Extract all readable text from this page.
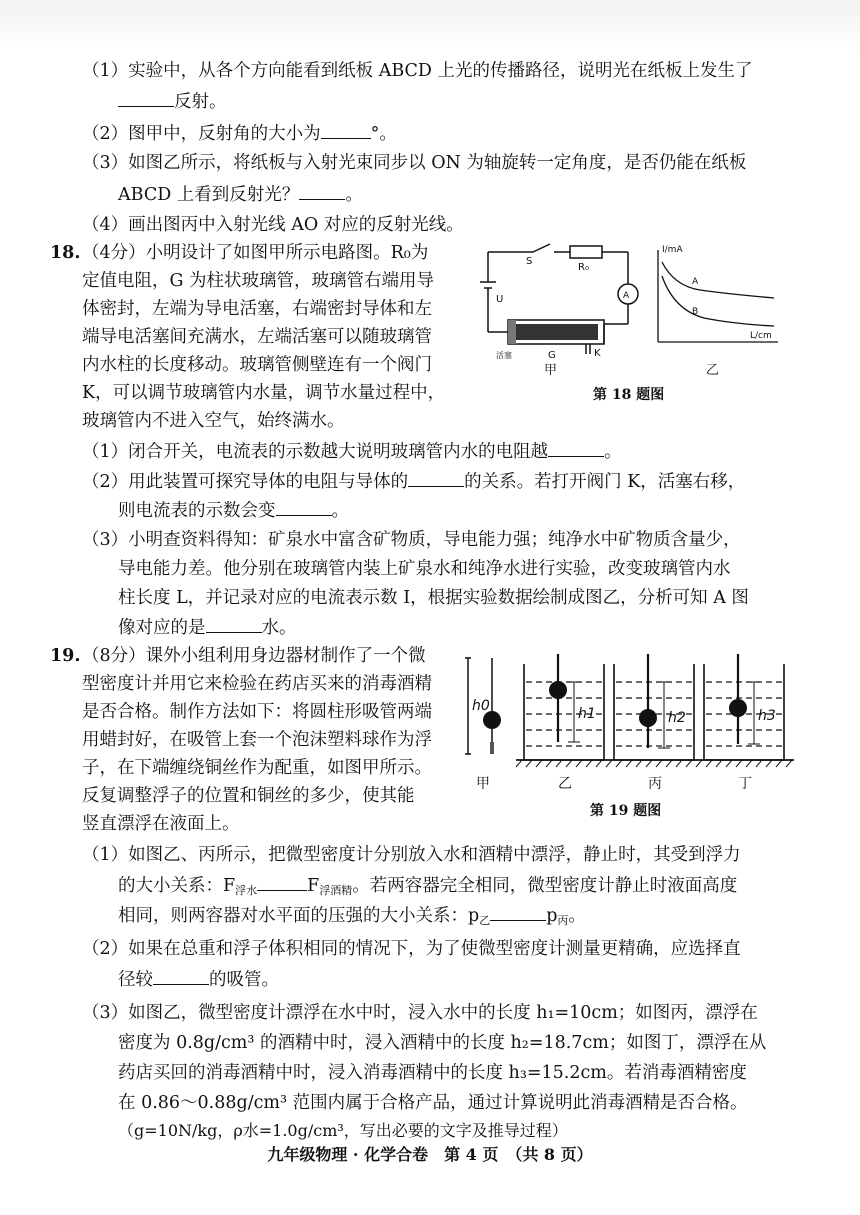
（1）实验中，从各个方向能看到纸板 ABCD 上光的传播路径，说明光在纸板上发生了
反射。
（2）图甲中，反射角的大小为	°。
（3）如图乙所示，将纸板与入射光束同步以 ON 为轴旋转一定角度，是否仍能在纸板
ABCD 上看到反射光？	。
（4）画出图丙中入射光线 AO 对应的反射光线。
18. （4分）小明设计了如图甲所示电路图。R₀为
定值电阻，G 为柱状玻璃管，玻璃管右端用导
体密封，左端为导电活塞，右端密封导体和左
端导电活塞间充满水，左端活塞可以随玻璃管
内水柱的长度移动。玻璃管侧壁连有一个阀门
K，可以调节玻璃管内水量，调节水量过程中，
玻璃管内不进入空气，始终满水。
S
R₀
A
U
G	K
活塞
甲
I/mA
L/cm
A
B
乙
第 18 题图
（1）闭合开关，电流表的示数越大说明玻璃管内水的电阻越	。
（2）用此装置可探究导体的电阻与导体的	的关系。若打开阀门 K，活塞右移，
则电流表的示数会变	。
（3）小明查资料得知：矿泉水中富含矿物质，导电能力强；纯净水中矿物质含量少，
导电能力差。他分别在玻璃管内装上矿泉水和纯净水进行实验，改变玻璃管内水
柱长度 L，并记录对应的电流表示数 I，根据实验数据绘制成图乙，分析可知 A 图
像对应的是	水。
19. （8分）课外小组利用身边器材制作了一个微
型密度计并用它来检验在药店买来的消毒酒精
是否合格。制作方法如下：将圆柱形吸管两端
用蜡封好，在吸管上套一个泡沫塑料球作为浮
子，在下端缠绕铜丝作为配重，如图甲所示。
反复调整浮子的位置和铜丝的多少，使其能
竖直漂浮在液面上。
h0	h1	h2	h3
甲	乙	丙	丁
第 19 题图
（1）如图乙、丙所示，把微型密度计分别放入水和酒精中漂浮，静止时，其受到浮力
的大小关系：$F_{浮水}$	$F_{浮酒精}$。若两容器完全相同，微型密度计静止时液面高度
相同，则两容器对水平面的压强的大小关系：$p_乙$	$p_丙$。
（2）如果在总重和浮子体积相同的情况下，为了使微型密度计测量更精确，应选择直
径较	的吸管。
（3）如图乙，微型密度计漂浮在水中时，浸入水中的长度 h₁=10cm；如图丙，漂浮在
密度为 0.8g/cm³ 的酒精中时，浸入酒精中的长度 h₂=18.7cm；如图丁，漂浮在从
药店买回的消毒酒精中时，浸入消毒酒精中的长度 h₃=15.2cm。若消毒酒精密度
在 0.86～0.88g/cm³ 范围内属于合格产品，通过计算说明此消毒酒精是否合格。
（g=10N/kg，ρ水=1.0g/cm³，写出必要的文字及推导过程）
九年级物理 · 化学合卷　第 4 页　（共 8 页）
